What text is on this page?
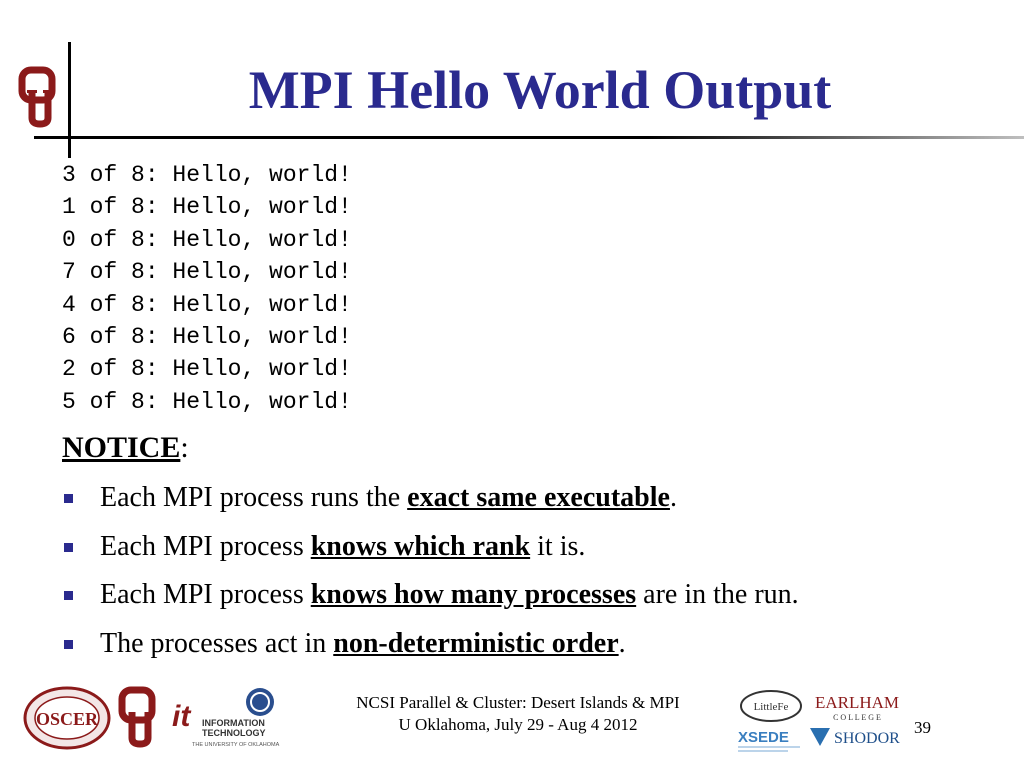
MPI Hello World Output
3 of 8: Hello, world!
1 of 8: Hello, world!
0 of 8: Hello, world!
7 of 8: Hello, world!
4 of 8: Hello, world!
6 of 8: Hello, world!
2 of 8: Hello, world!
5 of 8: Hello, world!
NOTICE:
Each MPI process runs the exact same executable.
Each MPI process knows which rank it is.
Each MPI process knows how many processes are in the run.
The processes act in non-deterministic order.
OSCER it INFORMATION
TECHNOLOGY
THE UNIVERSITY OF OKLAHOMA
NCSI Parallel & Cluster: Desert Islands & MPI
U Oklahoma, July 29 - Aug 4 2012
LittleFe
XSEDE
EARLHAM
C O L L E G E
SHODOR
39
